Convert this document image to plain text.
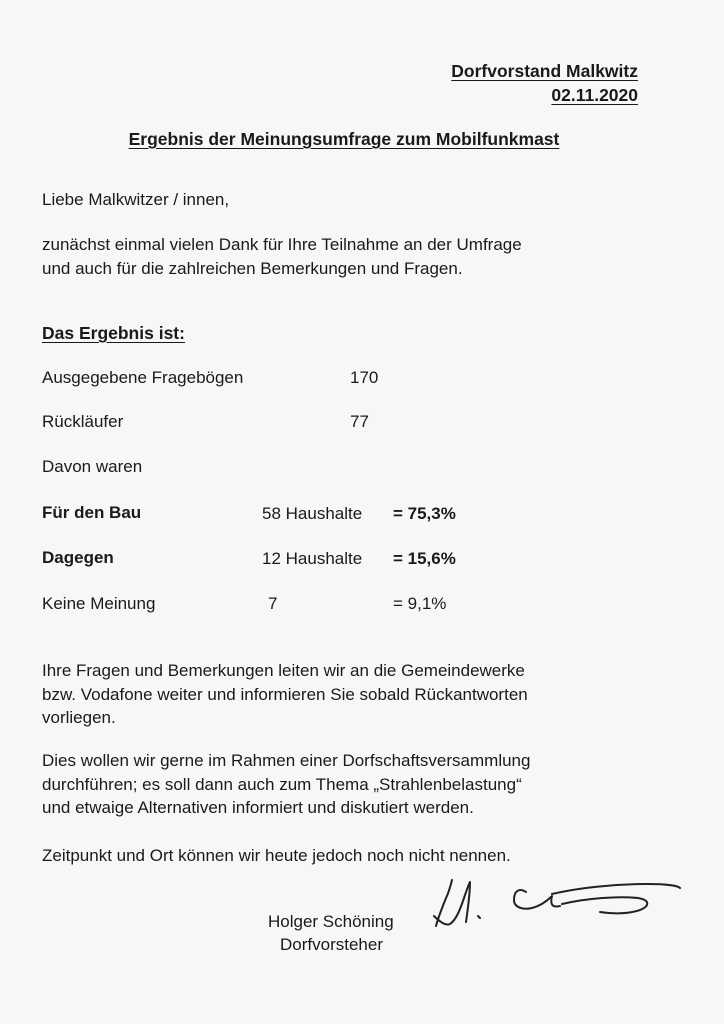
Dorfvorstand Malkwitz
02.11.2020
Ergebnis der Meinungsumfrage zum Mobilfunkmast
Liebe Malkwitzer / innen,
zunächst einmal vielen Dank für Ihre Teilnahme an der Umfrage
und auch für die zahlreichen Bemerkungen und Fragen.
Das Ergebnis ist:
Ausgegebene Fragebögen	170
Rückläufer	77
Davon waren
Für den Bau	58 Haushalte = 75,3%
Dagegen	12 Haushalte = 15,6%
Keine Meinung	7	= 9,1%
Ihre Fragen und Bemerkungen leiten wir an die Gemeindewerke
bzw. Vodafone weiter und informieren Sie sobald Rückantworten
vorliegen.
Dies wollen wir gerne im Rahmen einer Dorfschaftsversammlung
durchführen; es soll dann auch zum Thema „Strahlenbelastung“
und etwaige Alternativen informiert und diskutiert werden.
Zeitpunkt und Ort können wir heute jedoch noch nicht nennen.
Holger Schöning
Dorfvorsteher
